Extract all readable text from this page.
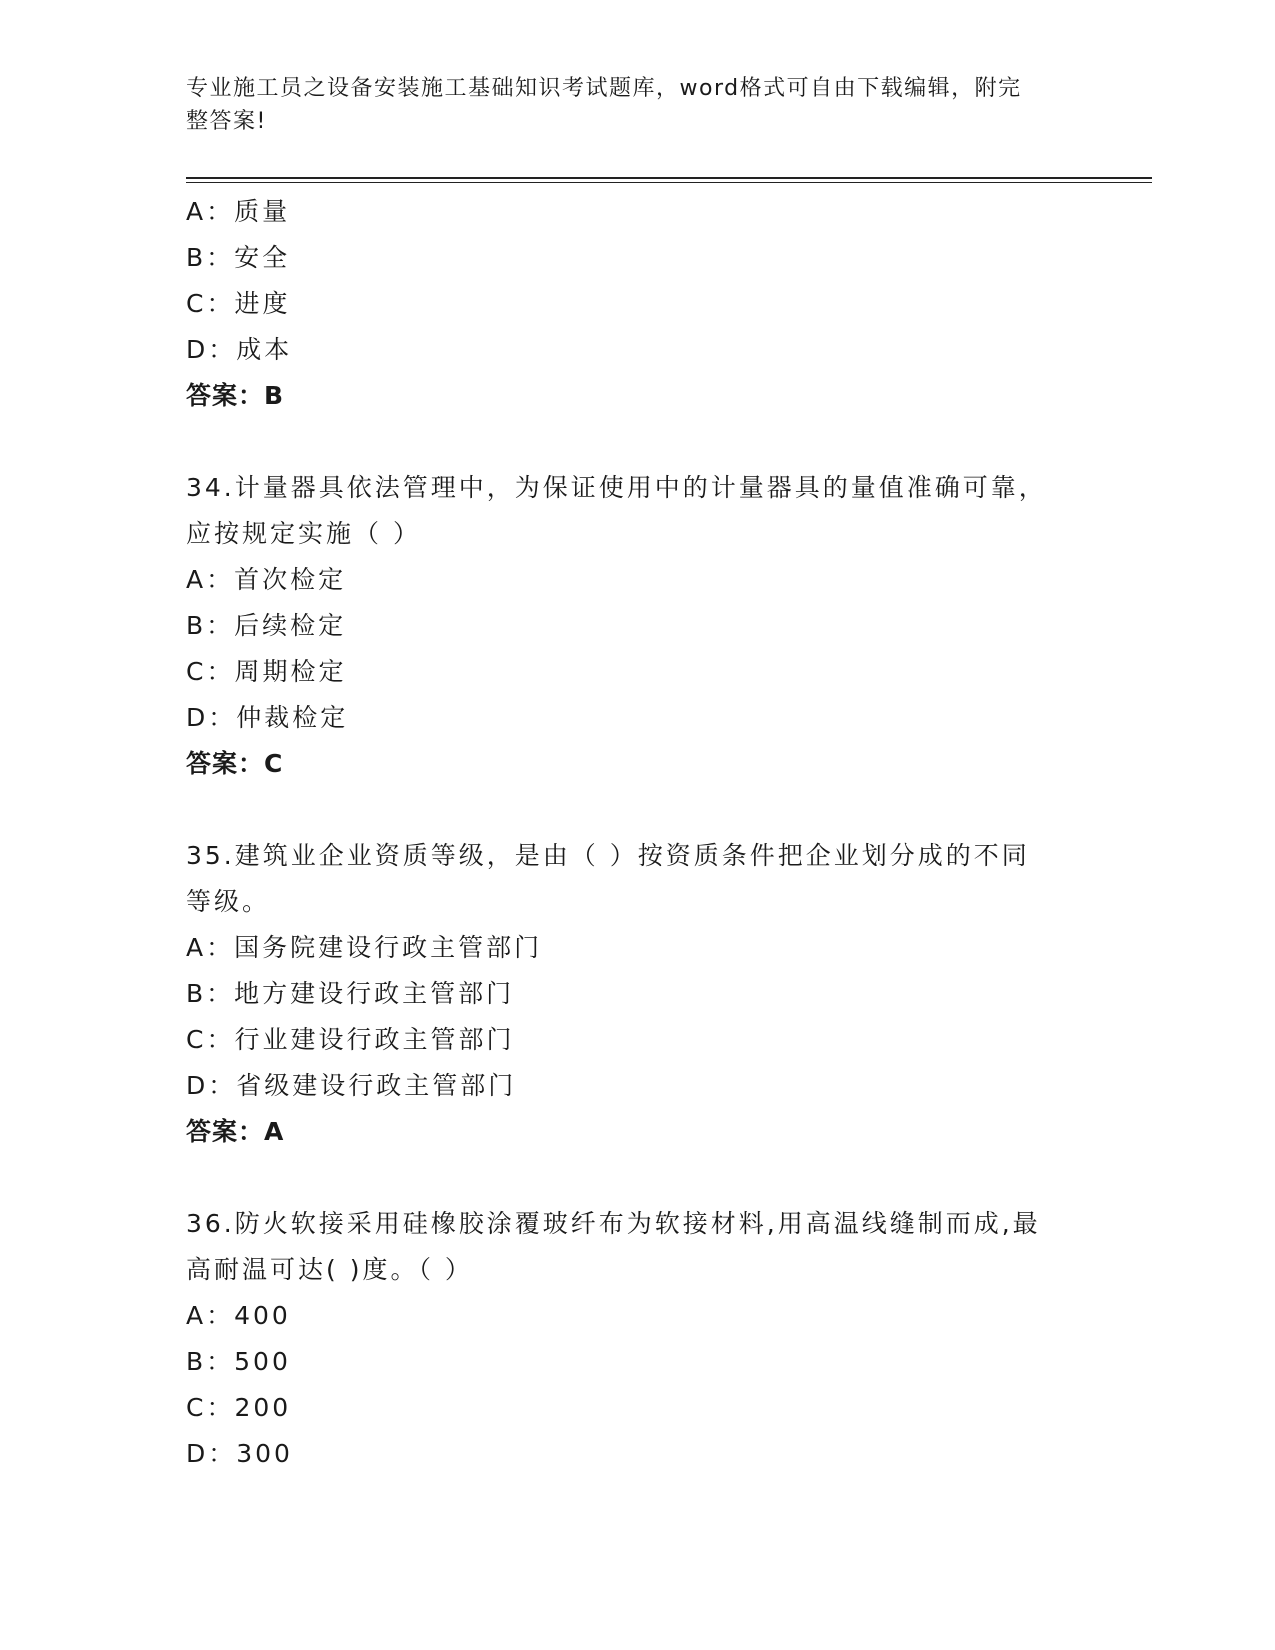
专业施工员之设备安装施工基础知识考试题库，word格式可自由下载编辑，附完
整答案!
A：质量
B：安全
C：进度
D：成本
答案：B
34.计量器具依法管理中，为保证使用中的计量器具的量值准确可靠，
应按规定实施（ ）
A：首次检定
B：后续检定
C：周期检定
D：仲裁检定
答案：C
35.建筑业企业资质等级，是由（ ）按资质条件把企业划分成的不同
等级。
A：国务院建设行政主管部门
B：地方建设行政主管部门
C：行业建设行政主管部门
D：省级建设行政主管部门
答案：A
36.防火软接采用硅橡胶涂覆玻纤布为软接材料,用高温线缝制而成,最
高耐温可达( )度。（ ）
A：400
B：500
C：200
D：300
